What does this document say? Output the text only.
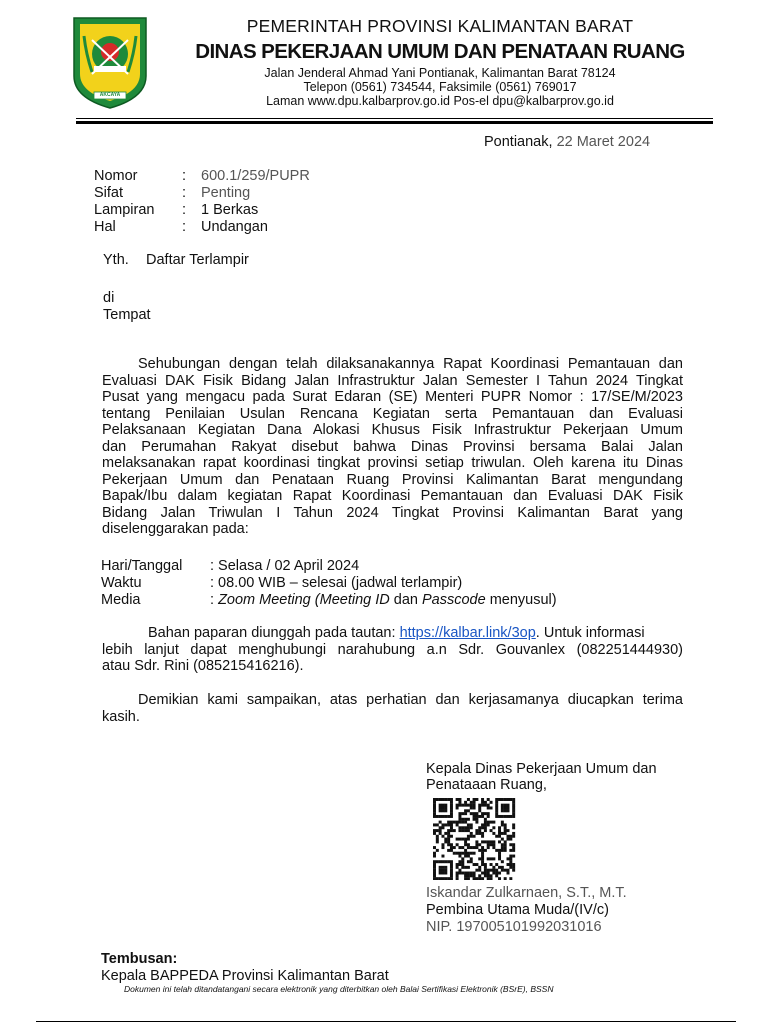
AKCAYA
PEMERINTAH PROVINSI KALIMANTAN BARAT
DINAS PEKERJAAN UMUM DAN PENATAAN RUANG
Jalan Jenderal Ahmad Yani Pontianak, Kalimantan Barat 78124
Telepon (0561) 734544, Faksimile (0561) 769017
Laman www.dpu.kalbarprov.go.id Pos-el dpu@kalbarprov.go.id
Pontianak, 22 Maret 2024
Nomor	: 600.1/259/PUPR
Sifat	: Penting
Lampiran : 1 Berkas
Hal	: Undangan
Yth. Daftar Terlampir
di
Tempat
Sehubungan dengan telah dilaksanakannya Rapat Koordinasi Pemantauan dan
Evaluasi DAK Fisik Bidang Jalan Infrastruktur Jalan Semester I Tahun 2024 Tingkat
Pusat yang mengacu pada Surat Edaran (SE) Menteri PUPR Nomor : 17/SE/M/2023
tentang Penilaian Usulan Rencana Kegiatan serta Pemantauan dan Evaluasi
Pelaksanaan Kegiatan Dana Alokasi Khusus Fisik Infrastruktur Pekerjaan Umum
dan Perumahan Rakyat disebut bahwa Dinas Provinsi bersama Balai Jalan
melaksanakan rapat koordinasi tingkat provinsi setiap triwulan. Oleh karena itu Dinas
Pekerjaan Umum dan Penataan Ruang Provinsi Kalimantan Barat mengundang
Bapak/Ibu dalam kegiatan Rapat Koordinasi Pemantauan dan Evaluasi DAK Fisik
Bidang Jalan Triwulan I Tahun 2024 Tingkat Provinsi Kalimantan Barat yang
diselenggarakan pada:
Hari/Tanggal : Selasa / 02 April 2024
Waktu	: 08.00 WIB – selesai (jadwal terlampir)
Media	: Zoom Meeting (Meeting ID dan Passcode menyusul)
Bahan paparan diunggah pada tautan: https://kalbar.link/3op. Untuk informasi
lebih lanjut dapat menghubungi narahubung a.n Sdr. Gouvanlex (082251444930)
atau Sdr. Rini (085215416216).
Demikian kami sampaikan, atas perhatian dan kerjasamanya diucapkan terima
kasih.
Kepala Dinas Pekerjaan Umum dan
Penataaan Ruang,
Iskandar Zulkarnaen, S.T., M.T.
Pembina Utama Muda/(IV/c)
NIP. 197005101992031016
Tembusan:
Kepala BAPPEDA Provinsi Kalimantan Barat
Dokumen ini telah ditandatangani secara elektronik yang diterbitkan oleh Balai Sertifikasi Elektronik (BSrE), BSSN
